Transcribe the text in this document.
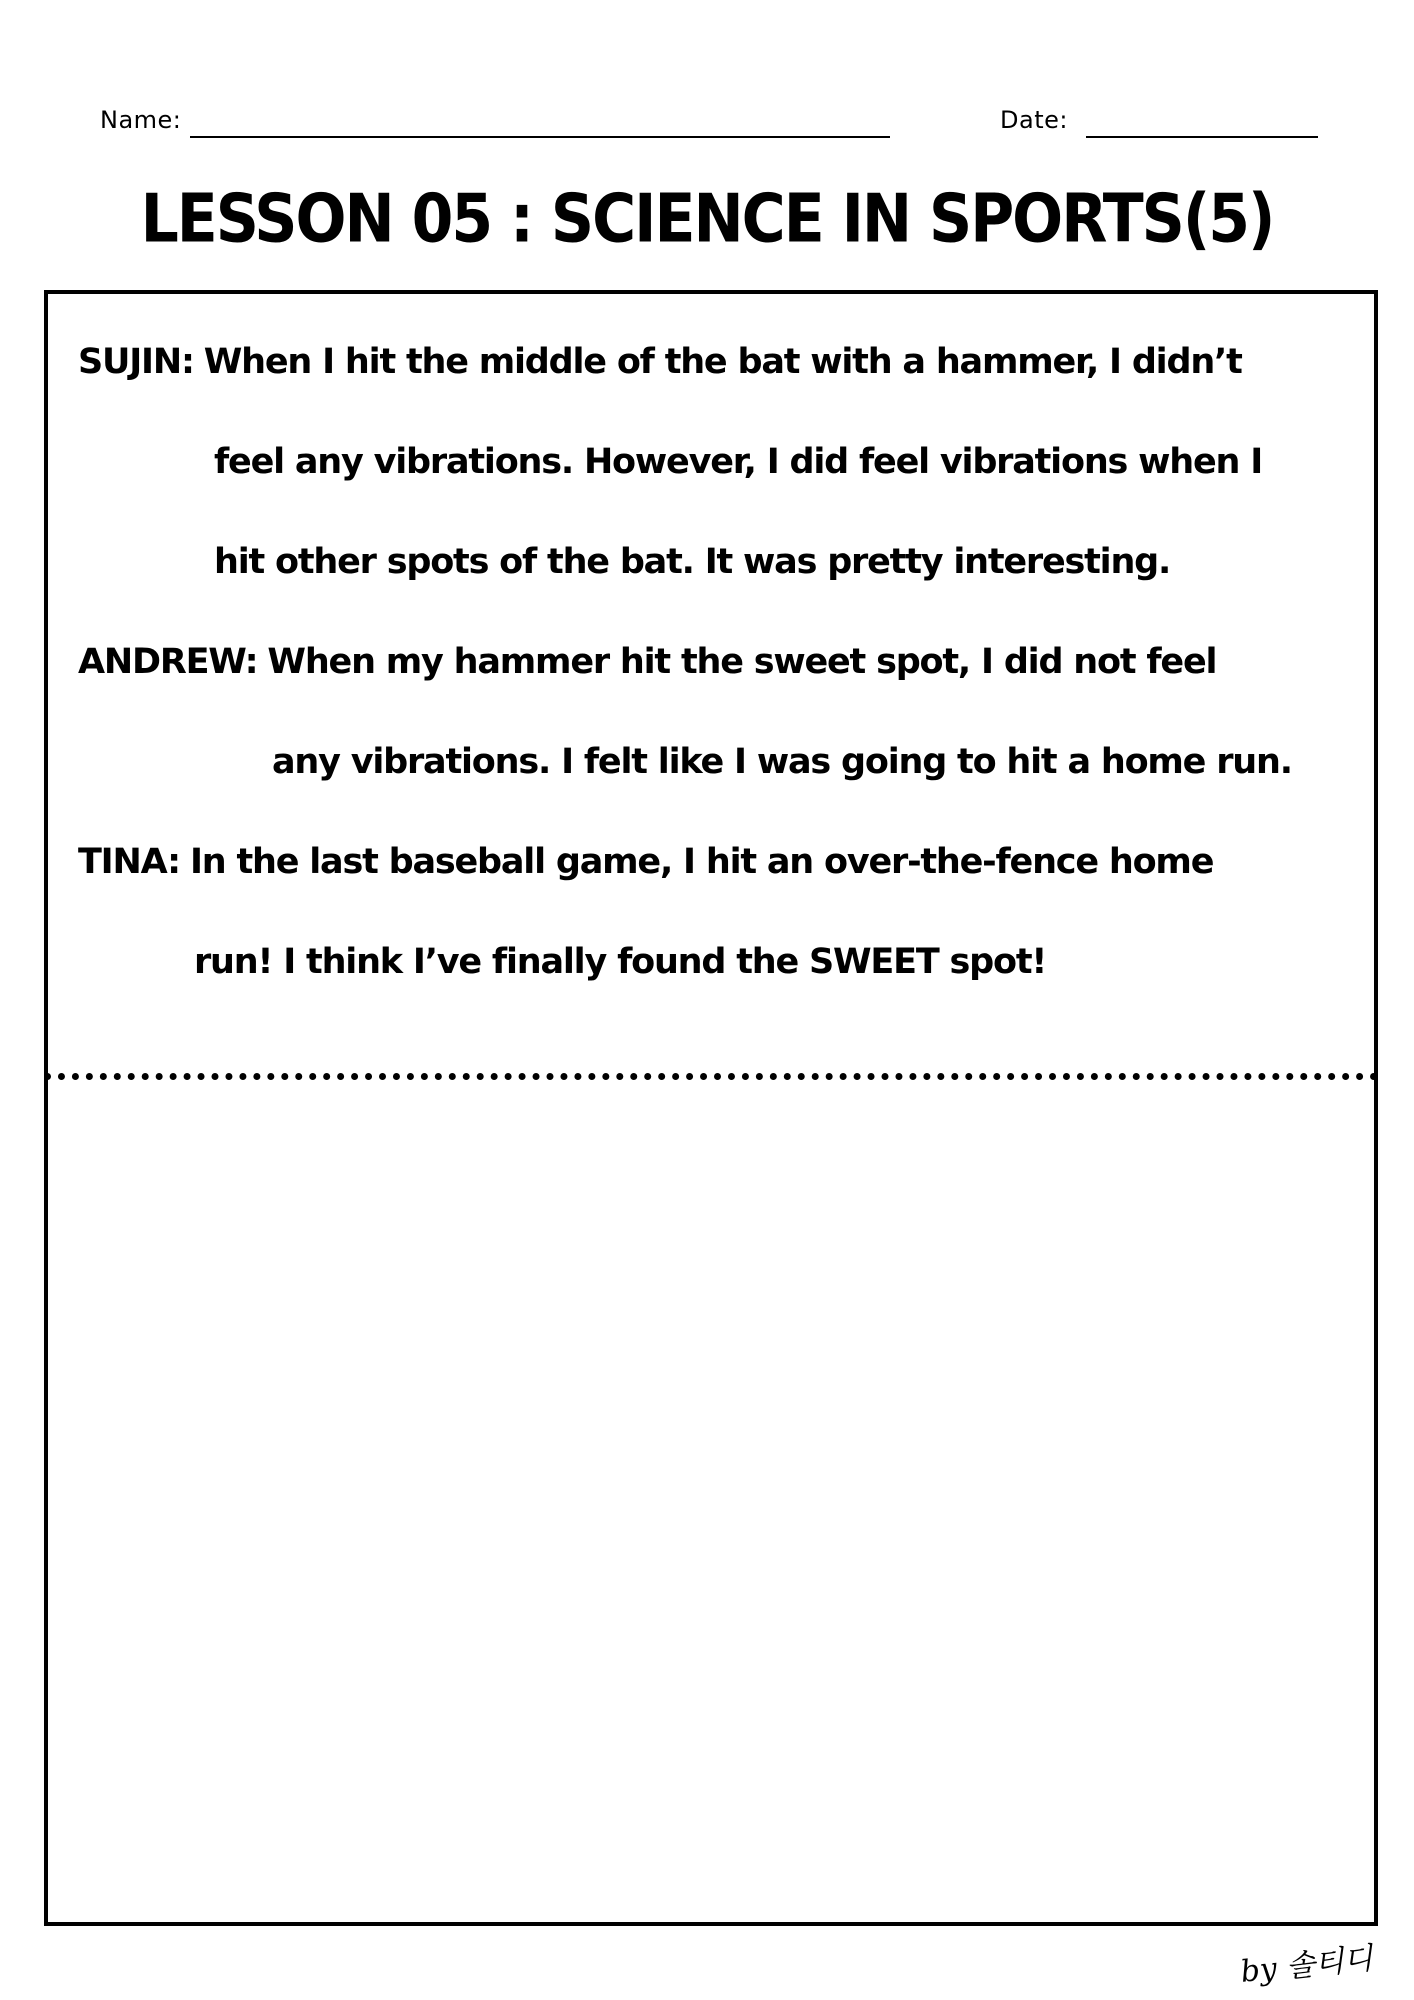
Name:	Date:
LESSON 05 : SCIENCE IN SPORTS(5)
SUJIN: When I hit the middle of the bat with a hammer, I didn’t
feel any vibrations. However, I did feel vibrations when I
hit other spots of the bat. It was pretty interesting.
ANDREW: When my hammer hit the sweet spot, I did not feel
any vibrations. I felt like I was going to hit a home run.
TINA: In the last baseball game, I hit an over-the-fence home
run! I think I’ve finally found the SWEET spot!
by 솔티디
